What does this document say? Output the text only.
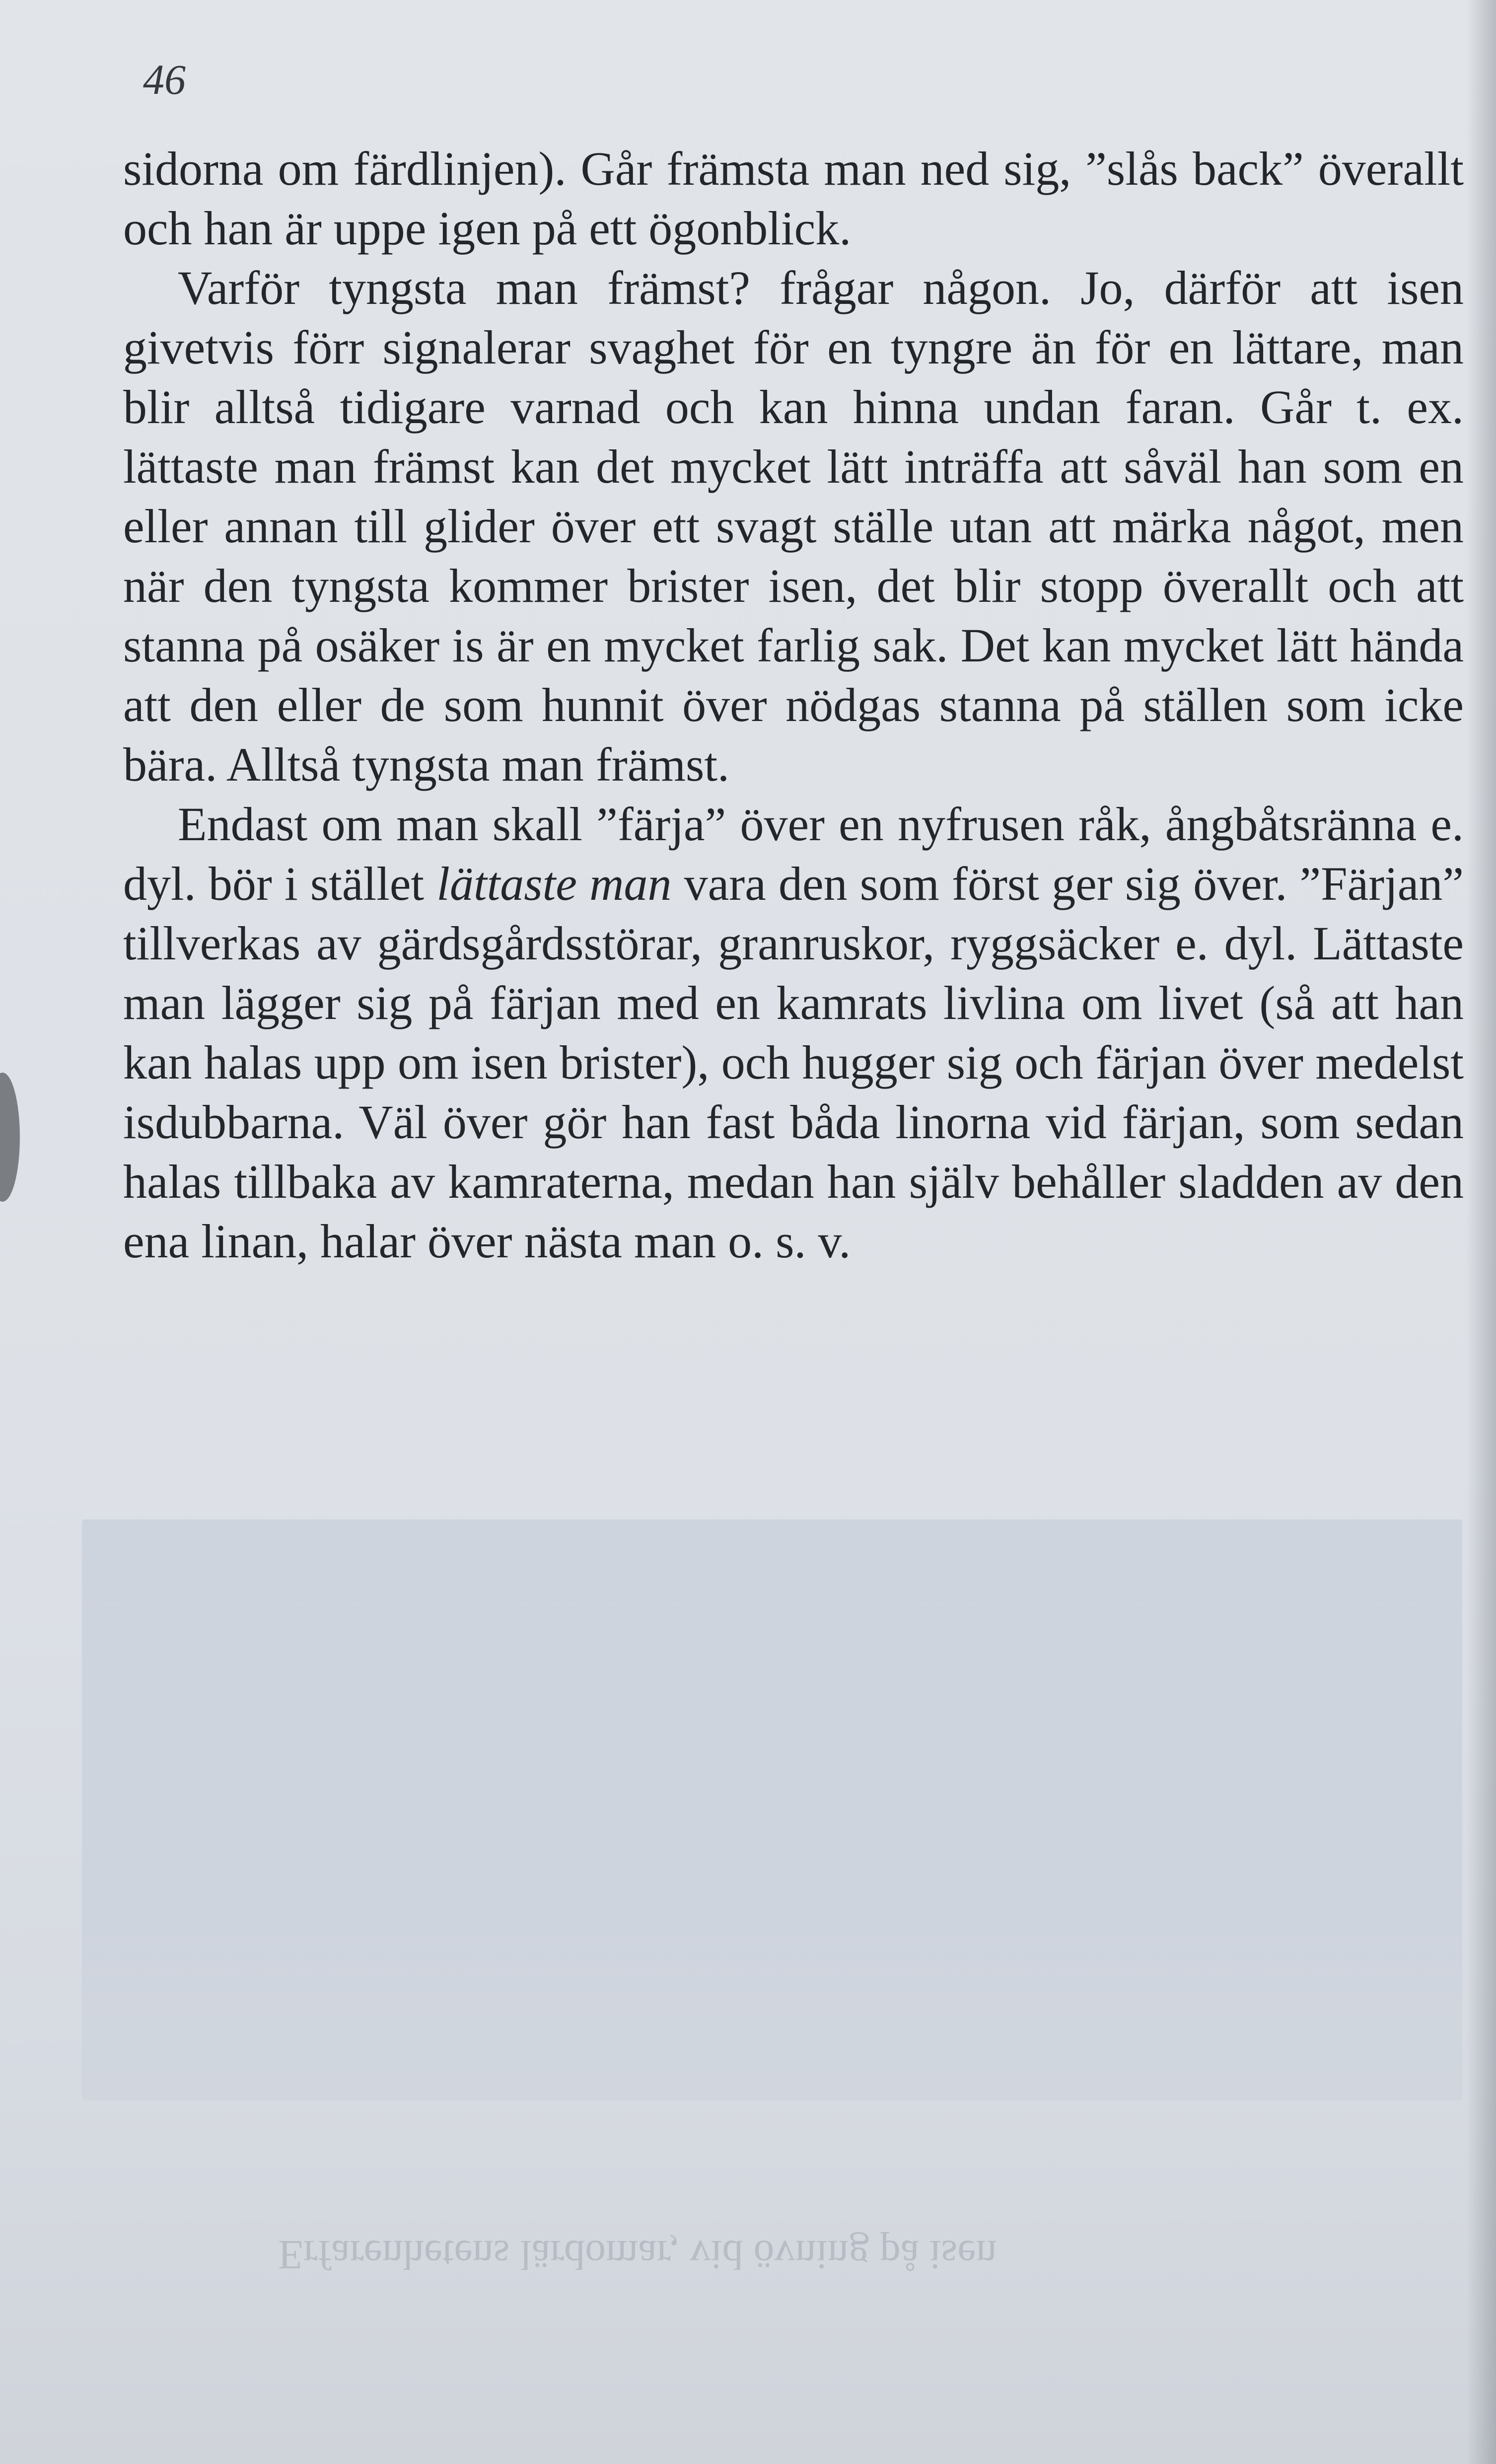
Erfarenhetens lärdomar, vid övning på isen
46

sidorna om färdlinjen). Går främsta man ned sig, ”slås back” överallt och han är uppe igen på ett ögonblick.

Varför tyngsta man främst? frågar någon. Jo, därför att isen givetvis förr signalerar svaghet för en tyngre än för en lättare, man blir alltså tidigare varnad och kan hinna undan faran. Går t. ex. lättaste man främst kan det mycket lätt inträffa att såväl han som en eller annan till glider över ett svagt ställe utan att märka något, men när den tyngsta kommer brister isen, det blir stopp överallt och att stanna på osäker is är en mycket farlig sak. Det kan mycket lätt hända att den eller de som hunnit över nödgas stanna på ställen som icke bära. Alltså tyngsta man främst.

Endast om man skall ”färja” över en nyfrusen råk, ångbåtsränna e. dyl. bör i stället lättaste man vara den som först ger sig över. ”Färjan” tillverkas av gärdsgårdsstörar, granruskor, ryggsäcker e. dyl. Lättaste man lägger sig på färjan med en kamrats livlina om livet (så att han kan halas upp om isen brister), och hugger sig och färjan över medelst isdubbarna. Väl över gör han fast båda linorna vid färjan, som sedan halas tillbaka av kamraterna, medan han själv behåller sladden av den ena linan, halar över nästa man o. s. v.
